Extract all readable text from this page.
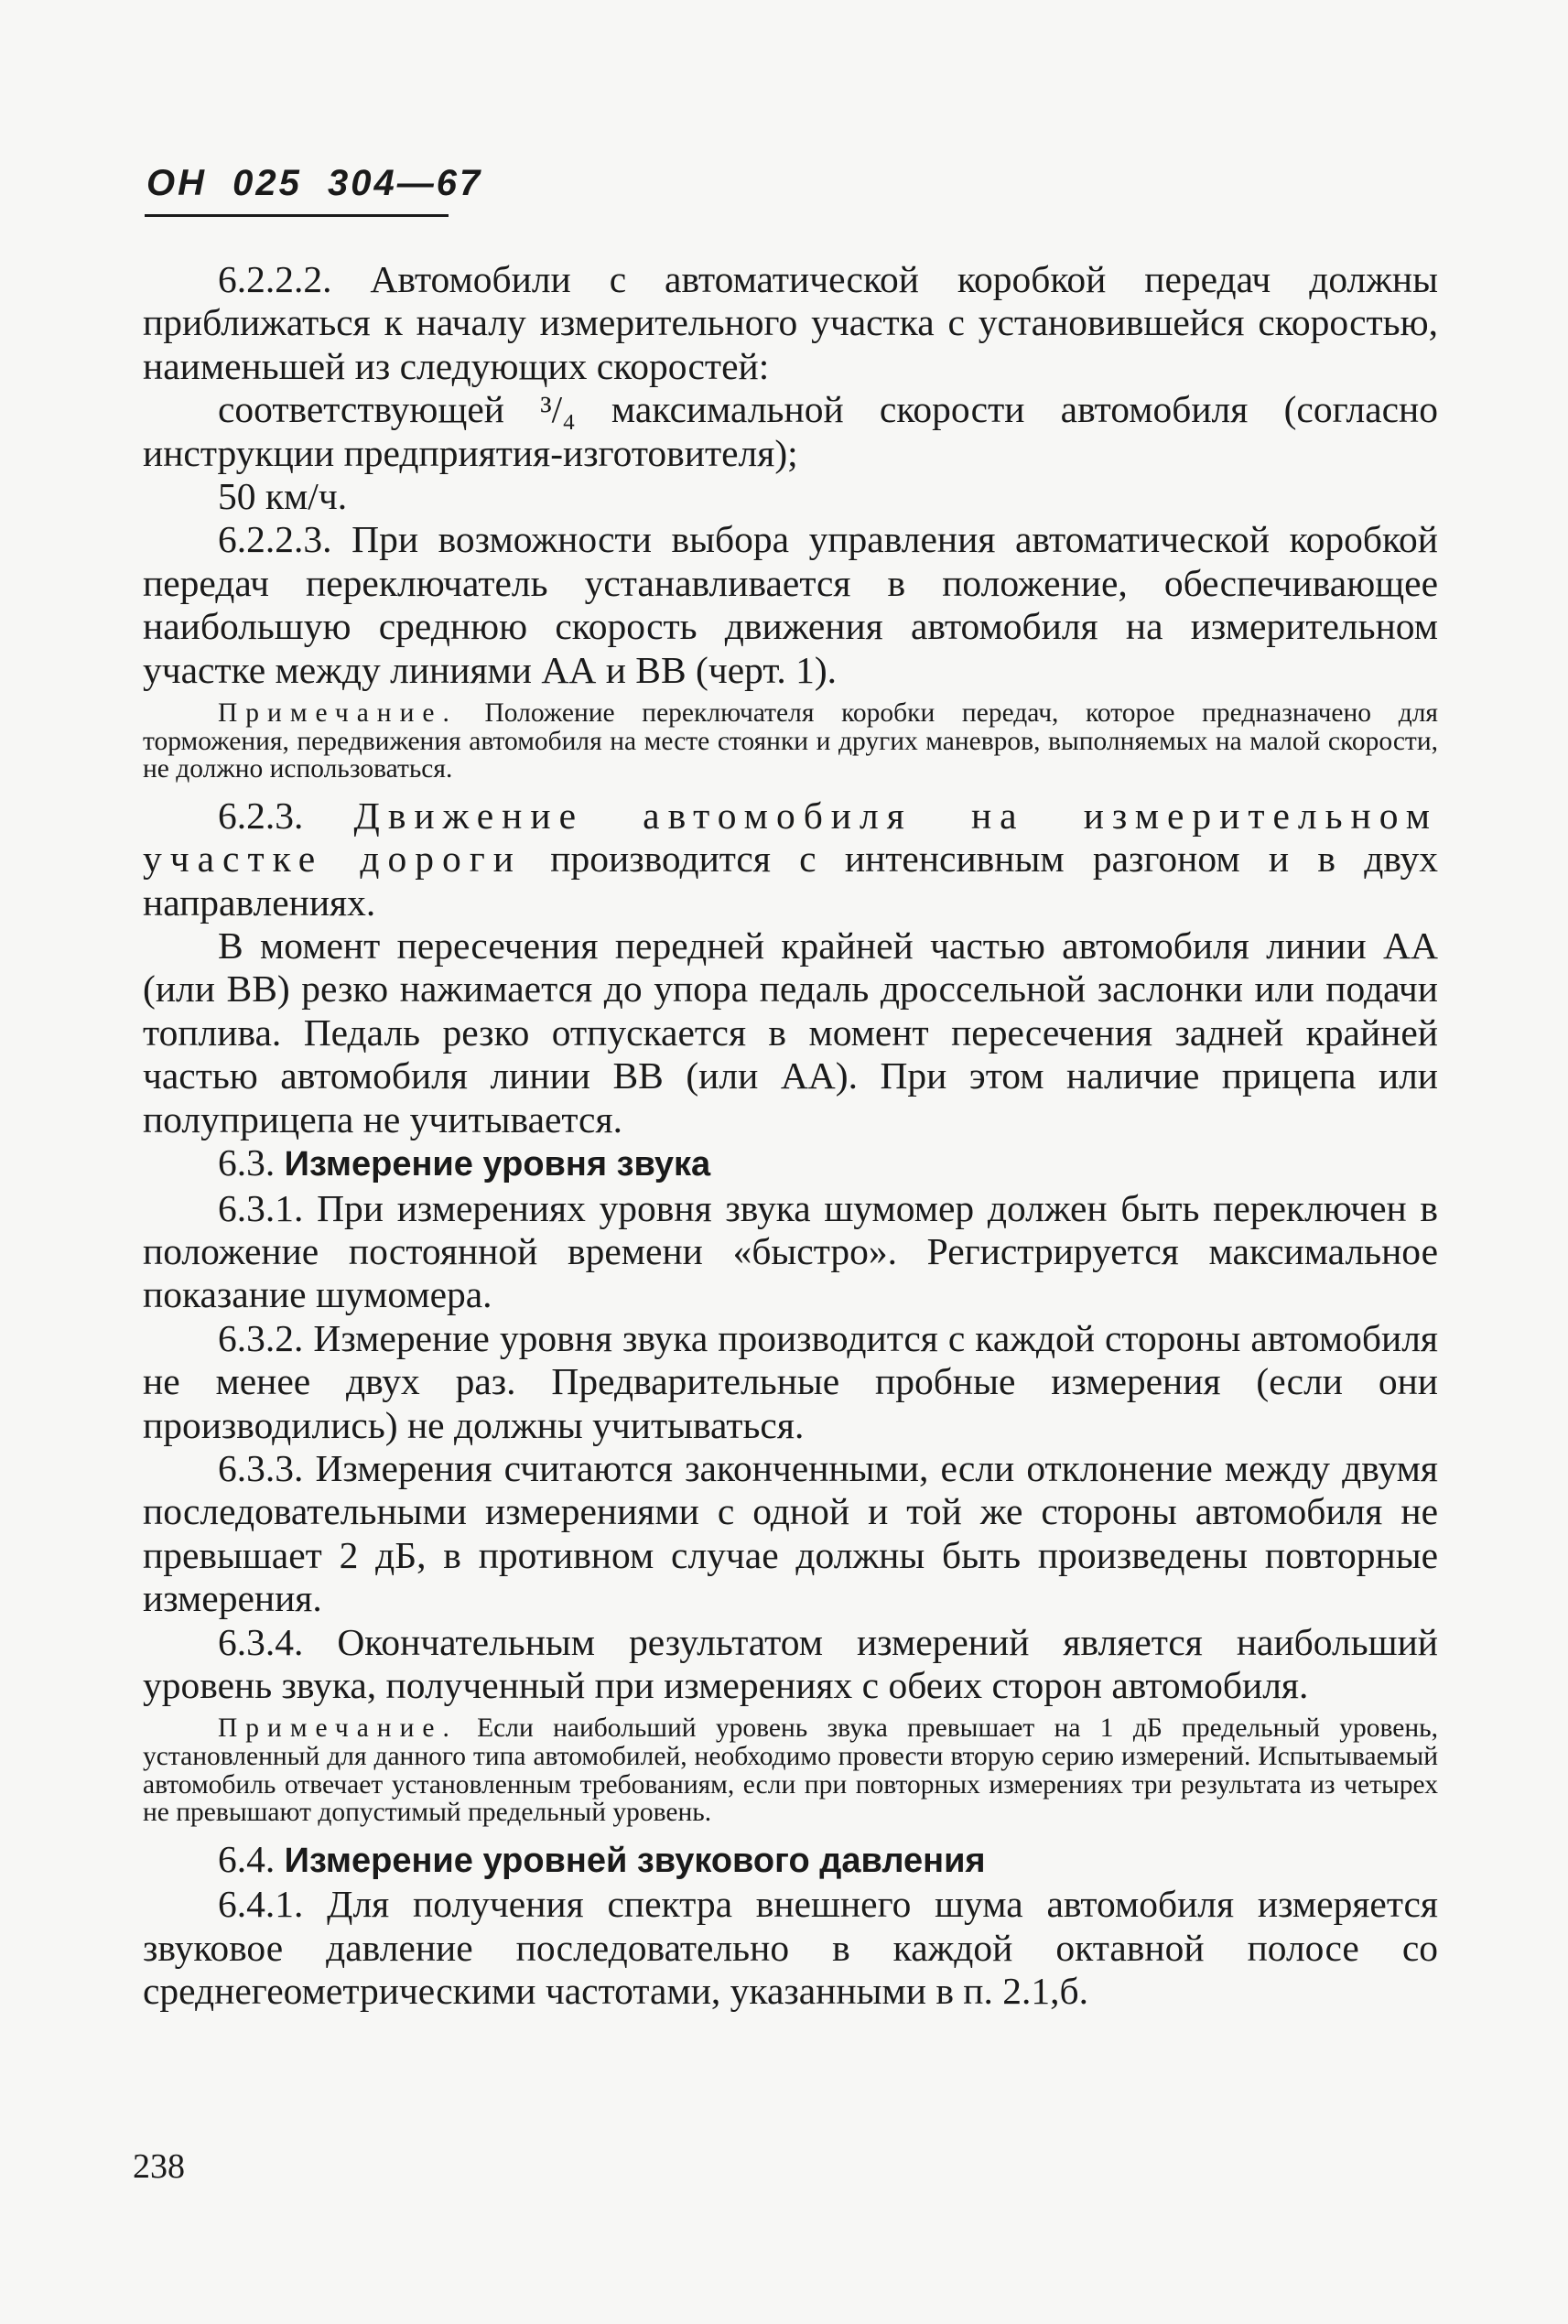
ОН 025 304—67

6.2.2.2. Автомобили с автоматической коробкой передач должны приближаться к началу измерительного участка с установившейся скоростью, наименьшей из следующих скоростей:

соответствующей ³/₄ максимальной скорости автомобиля (согласно инструкции предприятия-изготовителя);

50 км/ч.

6.2.2.3. При возможности выбора управления автоматической коробкой передач переключатель устанавливается в положение, обеспечивающее наибольшую среднюю скорость движения автомобиля на измерительном участке между линиями АА и ВВ (черт. 1).

Примечание. Положение переключателя коробки передач, которое предназначено для торможения, передвижения автомобиля на месте стоянки и других маневров, выполняемых на малой скорости, не должно использоваться.

6.2.3. Движение автомобиля на измерительном участке дороги производится с интенсивным разгоном и в двух направлениях.

В момент пересечения передней крайней частью автомобиля линии АА (или ВВ) резко нажимается до упора педаль дроссельной заслонки или подачи топлива. Педаль резко отпускается в момент пересечения задней крайней частью автомобиля линии ВВ (или АА). При этом наличие прицепа или полуприцепа не учитывается.

6.3. Измерение уровня звука

6.3.1. При измерениях уровня звука шумомер должен быть переключен в положение постоянной времени «быстро». Регистрируется максимальное показание шумомера.

6.3.2. Измерение уровня звука производится с каждой стороны автомобиля не менее двух раз. Предварительные пробные измерения (если они производились) не должны учитываться.

6.3.3. Измерения считаются законченными, если отклонение между двумя последовательными измерениями с одной и той же стороны автомобиля не превышает 2 дБ, в противном случае должны быть произведены повторные измерения.

6.3.4. Окончательным результатом измерений является наибольший уровень звука, полученный при измерениях с обеих сторон автомобиля.

Примечание. Если наибольший уровень звука превышает на 1 дБ предельный уровень, установленный для данного типа автомобилей, необходимо провести вторую серию измерений. Испытываемый автомобиль отвечает установленным требованиям, если при повторных измерениях три результата из четырех не превышают допустимый предельный уровень.

6.4. Измерение уровней звукового давления

6.4.1. Для получения спектра внешнего шума автомобиля измеряется звуковое давление последовательно в каждой октавной полосе со среднегеометрическими частотами, указанными в п. 2.1,б.

238
